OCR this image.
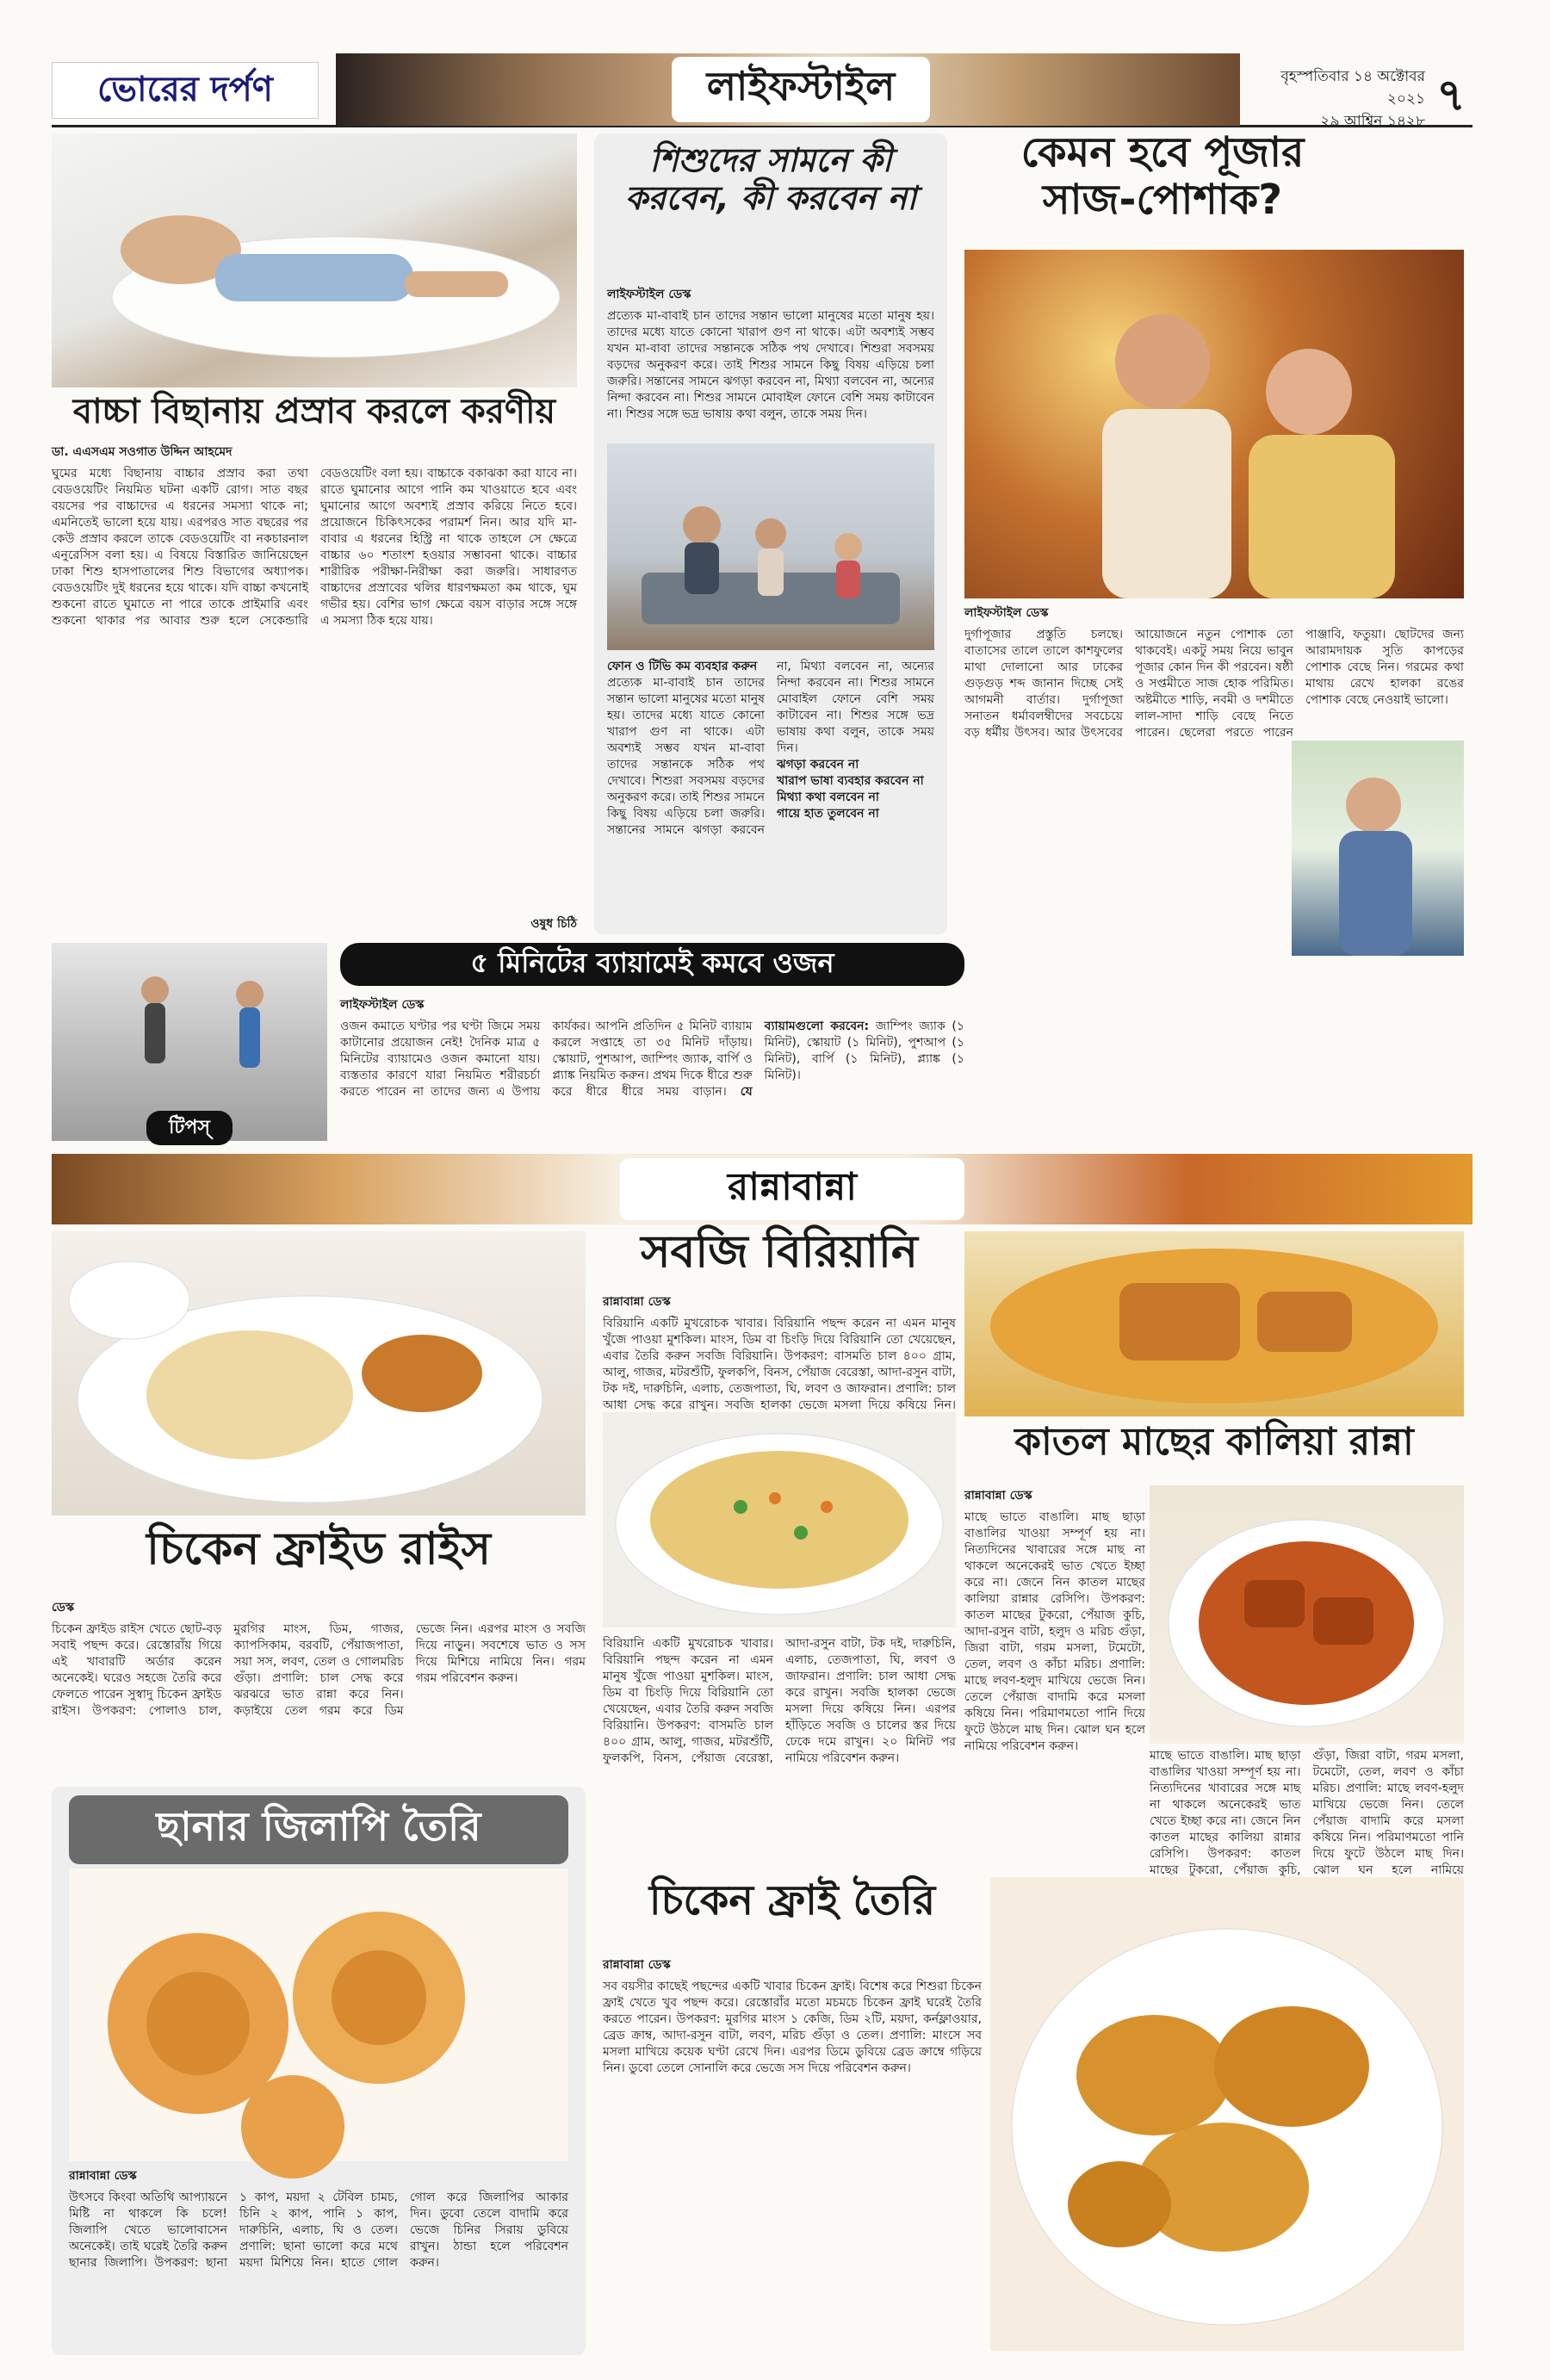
ভোরের দর্পণ	লাইফস্টাইল	বৃহস্পতিবার ১৪ অক্টোবর ২০২১
২৯ আশ্বিন ১৪২৮ ৭
বাচ্চা বিছানায় প্রস্রাব করলে করণীয়
ডা. এএসএম সওগাত উদ্দিন আহমেদ
ঘুমের মধ্যে বিছানায় বাচ্চার প্রস্রাব করা তথা বেডওয়েটিং নিয়মিত ঘটনা একটি রোগ। সাত বছর বয়সের পর বাচ্চাদের এ ধরনের সমস্যা থাকে না; এমনিতেই ভালো হয়ে যায়। এরপরও সাত বছরের পর কেউ প্রস্রাব করলে তাকে বেডওয়েটিং বা নকচারনাল এনুরেসিস বলা হয়। এ বিষয়ে বিস্তারিত জানিয়েছেন ঢাকা শিশু হাসপাতালের শিশু বিভাগের অধ্যাপক। বেডওয়েটিং দুই ধরনের হয়ে থাকে। যদি বাচ্চা কখনোই শুকনো রাতে ঘুমাতে না পারে তাকে প্রাইমারি এবং শুকনো থাকার পর আবার শুরু হলে সেকেন্ডারি বেডওয়েটিং বলা হয়। বাচ্চাকে বকাঝকা করা যাবে না। রাতে ঘুমানোর আগে পানি কম খাওয়াতে হবে এবং ঘুমানোর আগে অবশ্যই প্রস্রাব করিয়ে নিতে হবে। প্রয়োজনে চিকিৎসকের পরামর্শ নিন। আর যদি মা-বাবার এ ধরনের হিস্ট্রি না থাকে তাহলে সে ক্ষেত্রে বাচ্চার ৬০ শতাংশ হওয়ার সম্ভাবনা থাকে। বাচ্চার শারীরিক পরীক্ষা-নিরীক্ষা করা জরুরি। সাধারণত বাচ্চাদের প্রস্রাবের থলির ধারণক্ষমতা কম থাকে, ঘুম গভীর হয়। বেশির ভাগ ক্ষেত্রে বয়স বাড়ার সঙ্গে সঙ্গে এ সমস্যা ঠিক হয়ে যায়।
ওষুধ চিঠি
শিশুদের সামনে কী করবেন, কী করবেন না
লাইফস্টাইল ডেস্ক
প্রত্যেক মা-বাবাই চান তাদের সন্তান ভালো মানুষের মতো মানুষ হয়। তাদের মধ্যে যাতে কোনো খারাপ গুণ না থাকে। এটা অবশ্যই সম্ভব যখন মা-বাবা তাদের সন্তানকে সঠিক পথ দেখাবে। শিশুরা সবসময় বড়দের অনুকরণ করে। তাই শিশুর সামনে কিছু বিষয় এড়িয়ে চলা জরুরি। সন্তানের সামনে ঝগড়া করবেন না, মিথ্যা বলবেন না, অন্যের নিন্দা করবেন না। শিশুর সামনে মোবাইল ফোনে বেশি সময় কাটাবেন না। শিশুর সঙ্গে ভদ্র ভাষায় কথা বলুন, তাকে সময় দিন।

ফোন ও টিভি কম ব্যবহার করুন

প্রত্যেক মা-বাবাই চান তাদের সন্তান ভালো মানুষের মতো মানুষ হয়। তাদের মধ্যে যাতে কোনো খারাপ গুণ না থাকে। এটা অবশ্যই সম্ভব যখন মা-বাবা তাদের সন্তানকে সঠিক পথ দেখাবে। শিশুরা সবসময় বড়দের অনুকরণ করে। তাই শিশুর সামনে কিছু বিষয় এড়িয়ে চলা জরুরি। সন্তানের সামনে ঝগড়া করবেন না, মিথ্যা বলবেন না, অন্যের নিন্দা করবেন না। শিশুর সামনে মোবাইল ফোনে বেশি সময় কাটাবেন না। শিশুর সঙ্গে ভদ্র ভাষায় কথা বলুন, তাকে সময় দিন।

ঝগড়া করবেন না

খারাপ ভাষা ব্যবহার করবেন না

মিথ্যা কথা বলবেন না

গায়ে হাত তুলবেন না

কেমন হবে পূজার সাজ-পোশাক?
লাইফস্টাইল ডেস্ক
দুর্গাপূজার প্রস্তুতি চলছে। বাতাসের তালে তালে কাশফুলের মাথা দোলানো আর ঢাকের গুড়গুড় শব্দ জানান দিচ্ছে সেই আগমনী বার্তার। দুর্গাপূজা সনাতন ধর্মাবলম্বীদের সবচেয়ে বড় ধর্মীয় উৎসব। আর উৎসবের আয়োজনে নতুন পোশাক তো থাকবেই। একটু সময় নিয়ে ভাবুন পূজার কোন দিন কী পরবেন। ষষ্ঠী ও সপ্তমীতে সাজ হোক পরিমিত। অষ্টমীতে শাড়ি, নবমী ও দশমীতে লাল-সাদা শাড়ি বেছে নিতে পারেন। ছেলেরা পরতে পারেন পাঞ্জাবি, ফতুয়া। ছোটদের জন্য আরামদায়ক সুতি কাপড়ের পোশাক বেছে নিন। গরমের কথা মাথায় রেখে হালকা রঙের পোশাক বেছে নেওয়াই ভালো।
টিপস্
৫ মিনিটের ব্যায়ামেই কমবে ওজন
লাইফস্টাইল ডেস্ক
ওজন কমাতে ঘণ্টার পর ঘণ্টা জিমে সময় কাটানোর প্রয়োজন নেই! দৈনিক মাত্র ৫ মিনিটের ব্যায়ামেও ওজন কমানো যায়। ব্যস্ততার কারণে যারা নিয়মিত শরীরচর্চা করতে পারেন না তাদের জন্য এ উপায় কার্যকর। আপনি প্রতিদিন ৫ মিনিট ব্যায়াম করলে সপ্তাহে তা ৩৫ মিনিট দাঁড়ায়। স্কোয়াট, পুশআপ, জাম্পিং জ্যাক, বার্পি ও প্ল্যাঙ্ক নিয়মিত করুন। প্রথম দিকে ধীরে শুরু করে ধীরে ধীরে সময় বাড়ান। যে ব্যায়ামগুলো করবেন: জাম্পিং জ্যাক (১ মিনিট), স্কোয়াট (১ মিনিট), পুশআপ (১ মিনিট), বার্পি (১ মিনিট), প্ল্যাঙ্ক (১ মিনিট)।
রান্নাবান্না
চিকেন ফ্রাইড রাইস
ডেস্ক
চিকেন ফ্রাইড রাইস খেতে ছোট-বড় সবাই পছন্দ করে। রেস্তোরাঁয় গিয়ে এই খাবারটি অর্ডার করেন অনেকেই। ঘরেও সহজে তৈরি করে ফেলতে পারেন সুস্বাদু চিকেন ফ্রাইড রাইস। উপকরণ: পোলাও চাল, মুরগির মাংস, ডিম, গাজর, ক্যাপসিকাম, বরবটি, পেঁয়াজপাতা, সয়া সস, লবণ, তেল ও গোলমরিচ গুঁড়া। প্রণালি: চাল সেদ্ধ করে ঝরঝরে ভাত রান্না করে নিন। কড়াইয়ে তেল গরম করে ডিম ভেজে নিন। এরপর মাংস ও সবজি দিয়ে নাড়ুন। সবশেষে ভাত ও সস দিয়ে মিশিয়ে নামিয়ে নিন। গরম গরম পরিবেশন করুন।
সবজি বিরিয়ানি
রান্নাবান্না ডেস্ক
বিরিয়ানি একটি মুখরোচক খাবার। বিরিয়ানি পছন্দ করেন না এমন মানুষ খুঁজে পাওয়া মুশকিল। মাংস, ডিম বা চিংড়ি দিয়ে বিরিয়ানি তো খেয়েছেন, এবার তৈরি করুন সবজি বিরিয়ানি। উপকরণ: বাসমতি চাল ৪০০ গ্রাম, আলু, গাজর, মটরশুঁটি, ফুলকপি, বিনস, পেঁয়াজ বেরেস্তা, আদা-রসুন বাটা, টক দই, দারুচিনি, এলাচ, তেজপাতা, ঘি, লবণ ও জাফরান। প্রণালি: চাল আধা সেদ্ধ করে রাখুন। সবজি হালকা ভেজে মসলা দিয়ে কষিয়ে নিন।
বিরিয়ানি একটি মুখরোচক খাবার। বিরিয়ানি পছন্দ করেন না এমন মানুষ খুঁজে পাওয়া মুশকিল। মাংস, ডিম বা চিংড়ি দিয়ে বিরিয়ানি তো খেয়েছেন, এবার তৈরি করুন সবজি বিরিয়ানি। উপকরণ: বাসমতি চাল ৪০০ গ্রাম, আলু, গাজর, মটরশুঁটি, ফুলকপি, বিনস, পেঁয়াজ বেরেস্তা, আদা-রসুন বাটা, টক দই, দারুচিনি, এলাচ, তেজপাতা, ঘি, লবণ ও জাফরান। প্রণালি: চাল আধা সেদ্ধ করে রাখুন। সবজি হালকা ভেজে মসলা দিয়ে কষিয়ে নিন। এরপর হাঁড়িতে সবজি ও চালের স্তর দিয়ে ঢেকে দমে রাখুন। ২০ মিনিট পর নামিয়ে পরিবেশন করুন।
কাতল মাছের কালিয়া রান্না
রান্নাবান্না ডেস্ক
মাছে ভাতে বাঙালি। মাছ ছাড়া বাঙালির খাওয়া সম্পূর্ণ হয় না। নিত্যদিনের খাবারের সঙ্গে মাছ না থাকলে অনেকেরই ভাত খেতে ইচ্ছা করে না। জেনে নিন কাতল মাছের কালিয়া রান্নার রেসিপি। উপকরণ: কাতল মাছের টুকরো, পেঁয়াজ কুচি, আদা-রসুন বাটা, হলুদ ও মরিচ গুঁড়া, জিরা বাটা, গরম মসলা, টমেটো, তেল, লবণ ও কাঁচা মরিচ। প্রণালি: মাছে লবণ-হলুদ মাখিয়ে ভেজে নিন। তেলে পেঁয়াজ বাদামি করে মসলা কষিয়ে নিন। পরিমাণমতো পানি দিয়ে ফুটে উঠলে মাছ দিন। ঝোল ঘন হলে নামিয়ে পরিবেশন করুন।
মাছে ভাতে বাঙালি। মাছ ছাড়া বাঙালির খাওয়া সম্পূর্ণ হয় না। নিত্যদিনের খাবারের সঙ্গে মাছ না থাকলে অনেকেরই ভাত খেতে ইচ্ছা করে না। জেনে নিন কাতল মাছের কালিয়া রান্নার রেসিপি। উপকরণ: কাতল মাছের টুকরো, পেঁয়াজ কুচি, গুঁড়া, জিরা বাটা, গরম মসলা, টমেটো, তেল, লবণ ও কাঁচা মরিচ। প্রণালি: মাছে লবণ-হলুদ মাখিয়ে ভেজে নিন। তেলে পেঁয়াজ বাদামি করে মসলা কষিয়ে নিন। পরিমাণমতো পানি দিয়ে ফুটে উঠলে মাছ দিন। ঝোল ঘন হলে নামিয়ে
ছানার জিলাপি তৈরি
রান্নাবান্না ডেস্ক
উৎসবে কিংবা অতিথি আপ্যায়নে মিষ্টি না থাকলে কি চলে! জিলাপি খেতে ভালোবাসেন অনেকেই। তাই ঘরেই তৈরি করুন ছানার জিলাপি। উপকরণ: ছানা ১ কাপ, ময়দা ২ টেবিল চামচ, চিনি ২ কাপ, পানি ১ কাপ, দারুচিনি, এলাচ, ঘি ও তেল। প্রণালি: ছানা ভালো করে মথে ময়দা মিশিয়ে নিন। হাতে গোল গোল করে জিলাপির আকার দিন। ডুবো তেলে বাদামি করে ভেজে চিনির সিরায় ডুবিয়ে রাখুন। ঠান্ডা হলে পরিবেশন করুন।
চিকেন ফ্রাই তৈরি
রান্নাবান্না ডেস্ক
সব বয়সীর কাছেই পছন্দের একটি খাবার চিকেন ফ্রাই। বিশেষ করে শিশুরা চিকেন ফ্রাই খেতে খুব পছন্দ করে। রেস্তোরাঁর মতো মচমচে চিকেন ফ্রাই ঘরেই তৈরি করতে পারেন। উপকরণ: মুরগির মাংস ১ কেজি, ডিম ২টি, ময়দা, কর্নফ্লাওয়ার, ব্রেড ক্রাম্ব, আদা-রসুন বাটা, লবণ, মরিচ গুঁড়া ও তেল। প্রণালি: মাংসে সব মসলা মাখিয়ে কয়েক ঘণ্টা রেখে দিন। এরপর ডিমে ডুবিয়ে ব্রেড ক্রাম্বে গড়িয়ে নিন। ডুবো তেলে সোনালি করে ভেজে সস দিয়ে পরিবেশন করুন।
